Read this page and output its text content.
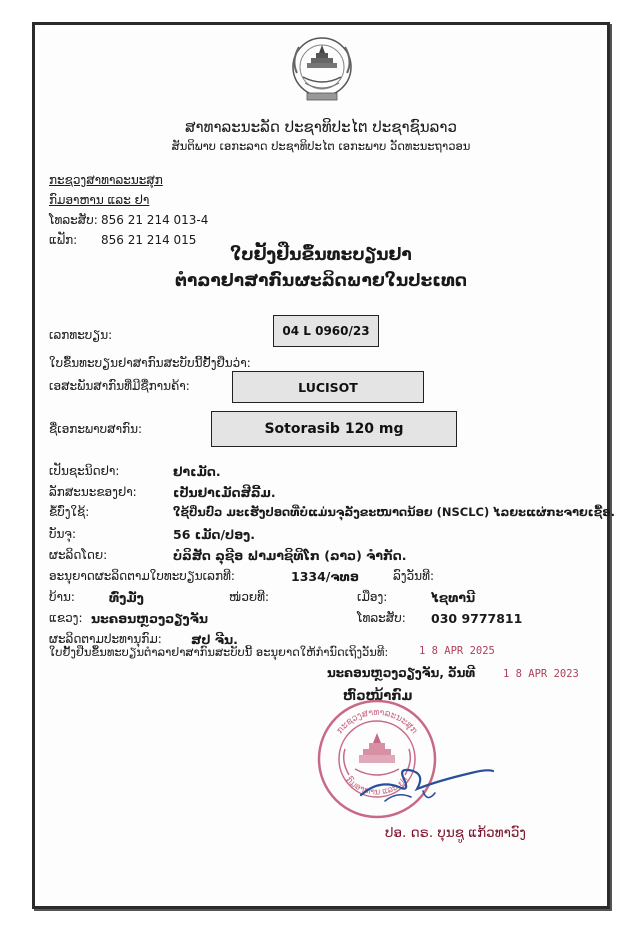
ສາທາລະນະລັດ ປະຊາທິປະໄຕ ປະຊາຊົນລາວ
ສັນຕິພາບ ເອກະລາດ ປະຊາທິປະໄຕ ເອກະພາບ ວັດທະນະຖາວອນ
ກະຊວງສາທາລະນະສຸກ
ກົມອາຫານ ແລະ ຢາ
ໂທລະສັບ: 856 21 214 013-4
ແຟັກ: 856 21 214 015
ໃບຢັ້ງຢືນຂຶ້ນທະບຽນຢາ
ຕຳລາຢາສາກົນຜະລິດພາຍໃນປະເທດ
ເລກທະບຽນ:	04 L 0960/23
ໃບຂຶ້ນທະບຽນຢາສາກົນສະບັບນີ້ຢັ້ງຢືນວ່າ:
ເອສະພັນສາກົນທີ່ມີຊື່ການຄ້າ:	LUCISOT
ຊື່ເອກະພາບສາກົນ:	Sotorasib 120 mg
ເປັນຊະນິດຢາ:	ຢາເມັດ.
ລັກສະນະຂອງຢາ:	ເປັນຢາເມັດສີລີ້ມ.
ຂໍ້ບົ່ງໃຊ້:	ໃຊ້ປິ່ນປົວ ມະເຮັງປອດທີ່ບໍ່ແມ່ນຈຸລັງຂະໜາດນ້ອຍ (NSCLC) ໄລຍະແຜ່ກະຈາຍເຊື້ອ.
ບັນຈຸ:	56 ເມັດ/ປອງ.
ຜະລິດໂດຍ:	ບໍລິສັດ ລຸຊີອ ຟາມາຊິທິໂກ (ລາວ) ຈຳກັດ.
ອະນຸຍາດຜະລິດຕາມໃບທະບຽນເລກທີ:	1334/ຈທອ	ລົງວັນທີ:
ບ້ານ:	ທົ່ງມັ່ງ	ໜ່ວຍທີ:	ເມືອງ:	ໄຊທານີ
ແຂວງ: ນະຄອນຫຼວງວຽງຈັນ	ໂທລະສັບ: 030 9777811
ຜະລິດຕາມປະທານຸກົມ: ສປ ຈີນ.
ໃບຢັ້ງຢືນຂຶ້ນທະບຽນຕຳລາຢາສາກົນສະບັບນີ້ ອະນຸຍາດໃຫ້ກຳນົດເຖິງວັນທີ:	1 8 APR 2025
ນະຄອນຫຼວງວຽງຈັນ, ວັນທີ	1 8 APR 2023
ຫົວໜ້າກົມ
ກະຊວງສາທາລະນະສຸກ
ກົມອາຫານ ແລະ ຢາ
ປອ. ດຣ. ບຸນຊູ ແກ້ວທາວົງ
